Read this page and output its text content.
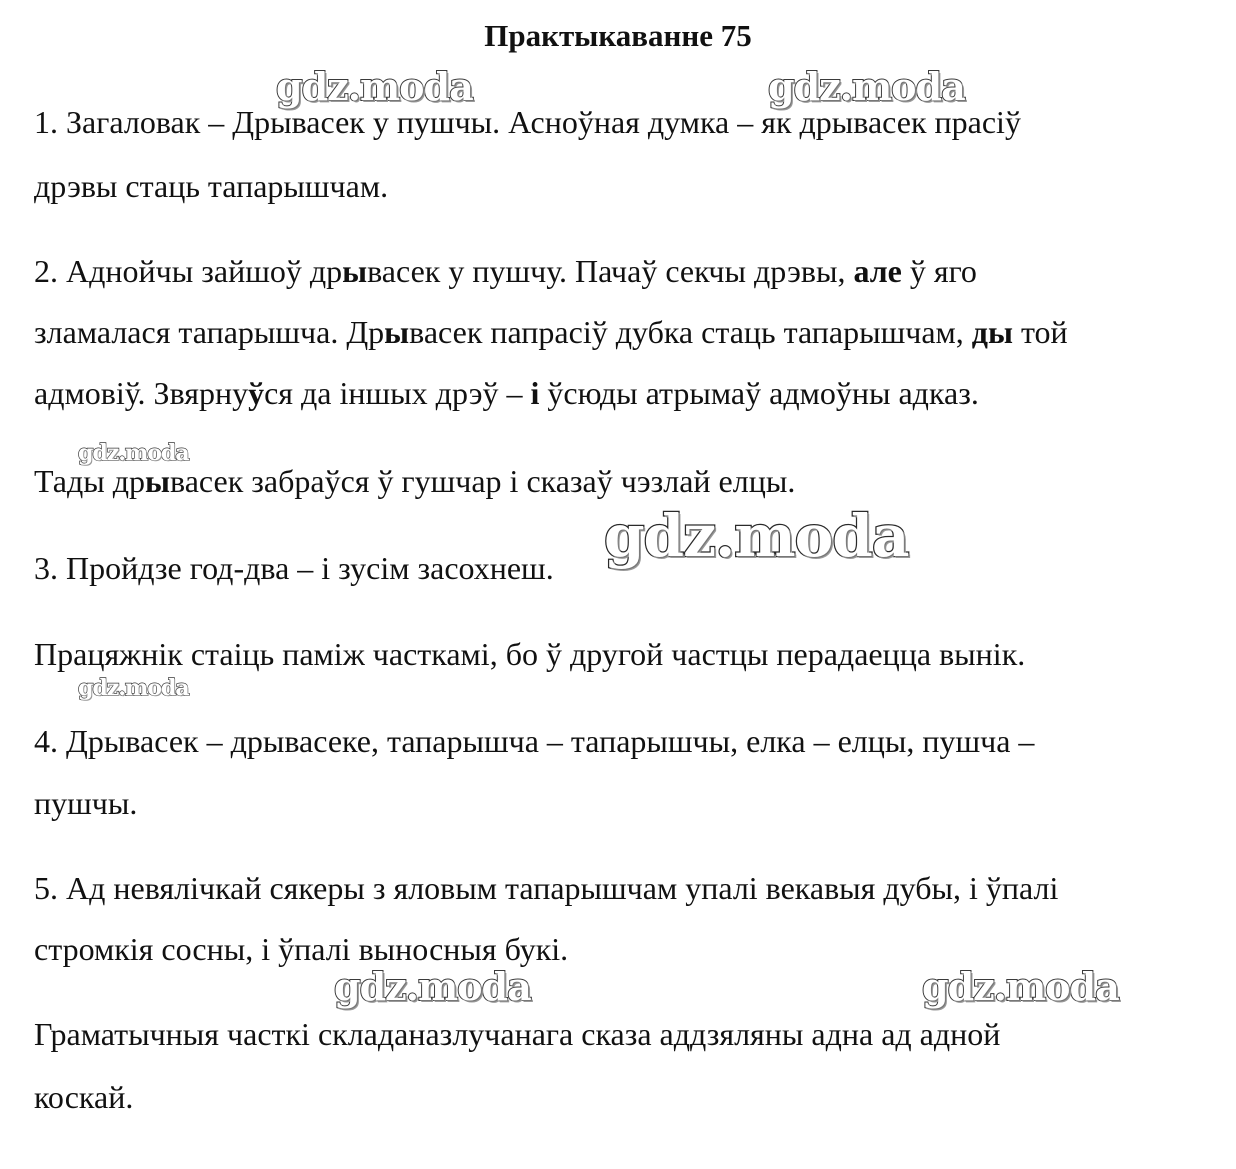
Практыкаванне 75
1. Загаловак – Дрывасек у пушчы. Асноўная думка – як дрывасек прасіў
дрэвы стаць тапарышчам.
2. Аднойчы зайшоў дрывасек у пушчу. Пачаў секчы дрэвы, але ў яго
зламалася тапарышча. Дрывасек папрасіў дубка стаць тапарышчам, ды той
адмовіў. Звярнуўся да іншых дрэў – і ўсюды атрымаў адмоўны адказ.
Тады дрывасек забраўся ў гушчар і сказаў чэзлай елцы.
3. Пройдзе год-два – і зусім засохнеш.
Працяжнік стаіць паміж часткамі, бо ў другой частцы перадаецца вынік.
4. Дрывасек – дрывасеке, тапарышча – тапарышчы, елка – елцы, пушча –
пушчы.
5. Ад невялічкай сякеры з яловым тапарышчам упалі векавыя дубы, і ўпалі
стромкія сосны, і ўпалі выносныя букі.
Граматычныя часткі складаназлучанага сказа аддзяляны адна ад адной
коскай.
gdz.moda	gdz.moda
gdz.moda
gdz.moda
gdz.moda
gdz.moda	gdz.moda
